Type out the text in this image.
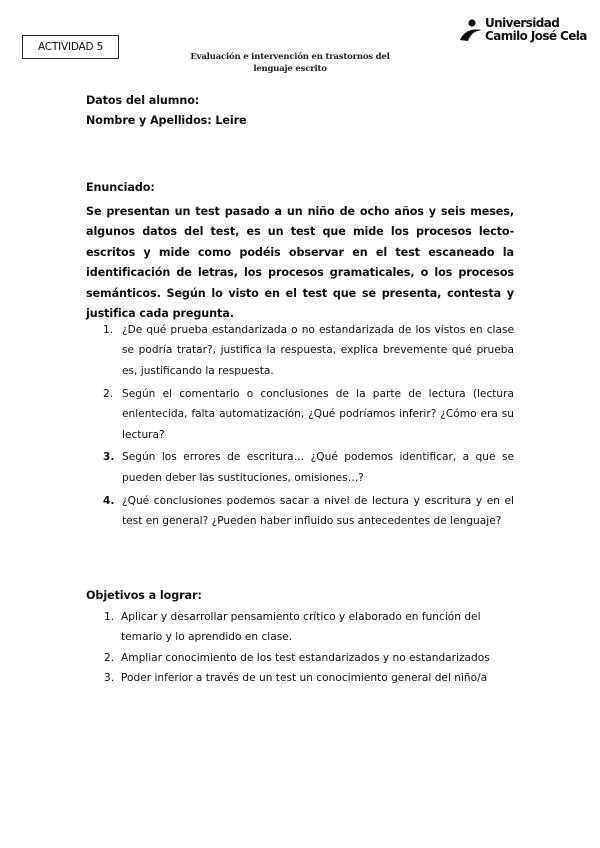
ACTIVIDAD 5
Evaluación e intervención en trastornos del lenguaje escrito
Universidad
Camilo José Cela
Datos del alumno:
Nombre y Apellidos: Leire
Enunciado:
Se presentan un test pasado a un niño de ocho años y seis meses, algunos datos del test, es un test que mide los procesos lecto-escritos y mide como podéis observar en el test escaneado la identificación de letras, los procesos gramaticales, o los procesos semánticos. Según lo visto en el test que se presenta, contesta y justifica cada pregunta.
1. ¿De qué prueba estandarizada o no estandarizada de los vistos en clase se podría tratar?, justifica la respuesta, explica brevemente qué prueba es, justificando la respuesta.
2. Según el comentario o conclusiones de la parte de lectura (lectura enlentecida, falta automatización, ¿Qué podríamos inferir? ¿Cómo era su lectura?
3. Según los errores de escritura… ¿Qué podemos identificar, a que se pueden deber las sustituciones, omisiones…?
4. ¿Qué conclusiones podemos sacar a nivel de lectura y escritura y en el test en general? ¿Pueden haber influido sus antecedentes de lenguaje?
Objetivos a lograr:
1. Aplicar y desarrollar pensamiento crítico y elaborado en función del
temario y lo aprendido en clase.
2. Ampliar conocimiento de los test estandarizados y no estandarizados
3. Poder inferior a través de un test un conocimiento general del niño/a
